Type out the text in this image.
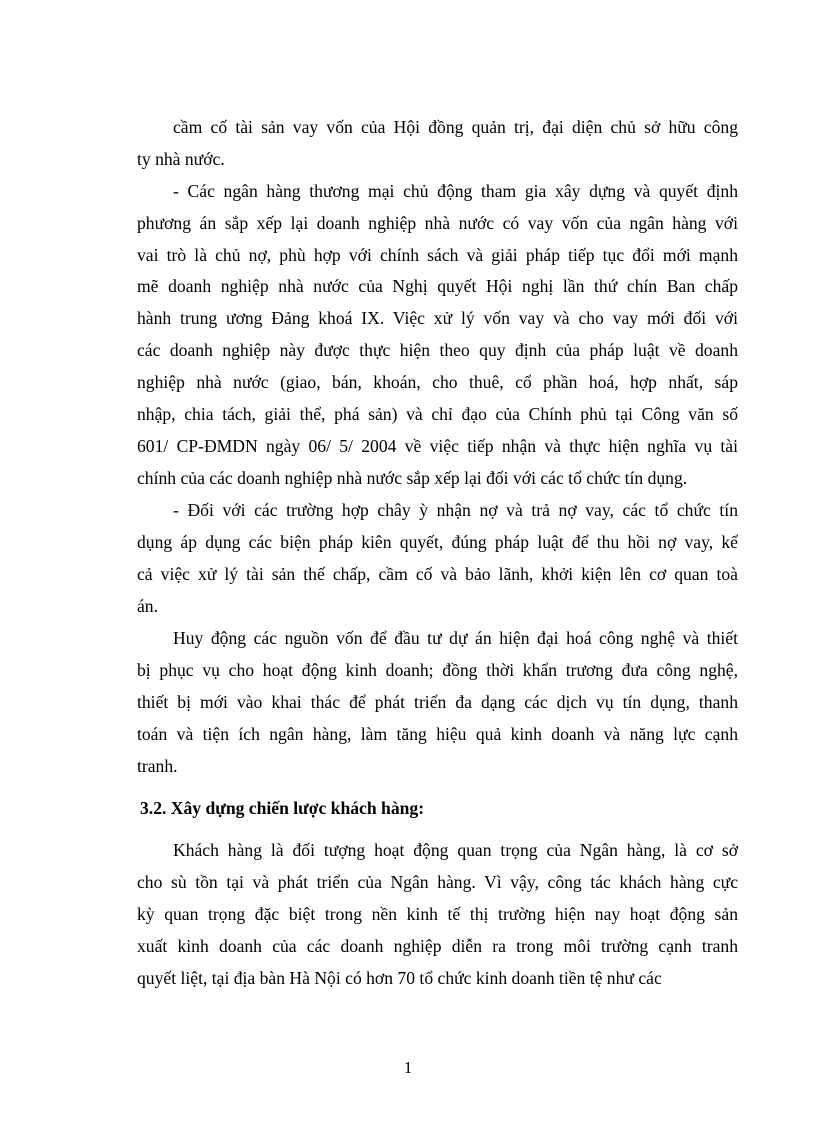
cầm cố tài sản vay vốn của Hội đồng quản trị, đại diện chủ sở hữu công
ty nhà nước.
- Các ngân hàng thương mại chủ động tham gia xây dựng và quyết định
phương án sắp xếp lại doanh nghiệp nhà nước có vay vốn của ngân hàng với
vai trò là chủ nợ, phù hợp với chính sách và giải pháp tiếp tục đổi mới mạnh
mẽ doanh nghiệp nhà nước của Nghị quyết Hội nghị lần thứ chín Ban chấp
hành trung ương Đảng khoá IX. Việc xử lý vốn vay và cho vay mới đối với
các doanh nghiệp này được thực hiện theo quy định của pháp luật về doanh
nghiệp nhà nước (giao, bán, khoán, cho thuê, cổ phần hoá, hợp nhất, sáp
nhập, chia tách, giải thể, phá sản) và chỉ đạo của Chính phủ tại Công văn số
601/ CP-ĐMDN ngày 06/ 5/ 2004 về việc tiếp nhận và thực hiện nghĩa vụ tài
chính của các doanh nghiệp nhà nước sắp xếp lại đối với các tổ chức tín dụng.
- Đối với các trường hợp chây ỳ nhận nợ và trả nợ vay, các tổ chức tín
dụng áp dụng các biện pháp kiên quyết, đúng pháp luật để thu hồi nợ vay, kể
cả việc xử lý tài sản thế chấp, cầm cố và bảo lãnh, khởi kiện lên cơ quan toà
án.
Huy động các nguồn vốn để đầu tư dự án hiện đại hoá công nghệ và thiết
bị phục vụ cho hoạt động kinh doanh; đồng thời khẩn trương đưa công nghệ,
thiết bị mới vào khai thác để phát triển đa dạng các dịch vụ tín dụng, thanh
toán và tiện ích ngân hàng, làm tăng hiệu quả kinh doanh và năng lực cạnh
tranh.
3.2. Xây dựng chiến lược khách hàng:
Khách hàng là đối tượng hoạt động quan trọng của Ngân hàng, là cơ sở
cho sù tồn tại và phát triển của Ngân hàng. Vì vậy, công tác khách hàng cực
kỳ quan trọng đặc biệt trong nền kinh tế thị trường hiện nay hoạt động sản
xuất kinh doanh của các doanh nghiệp diễn ra trong môi trường cạnh tranh
quyết liệt, tại địa bàn Hà Nội có hơn 70 tổ chức kinh doanh tiền tệ như các
1
